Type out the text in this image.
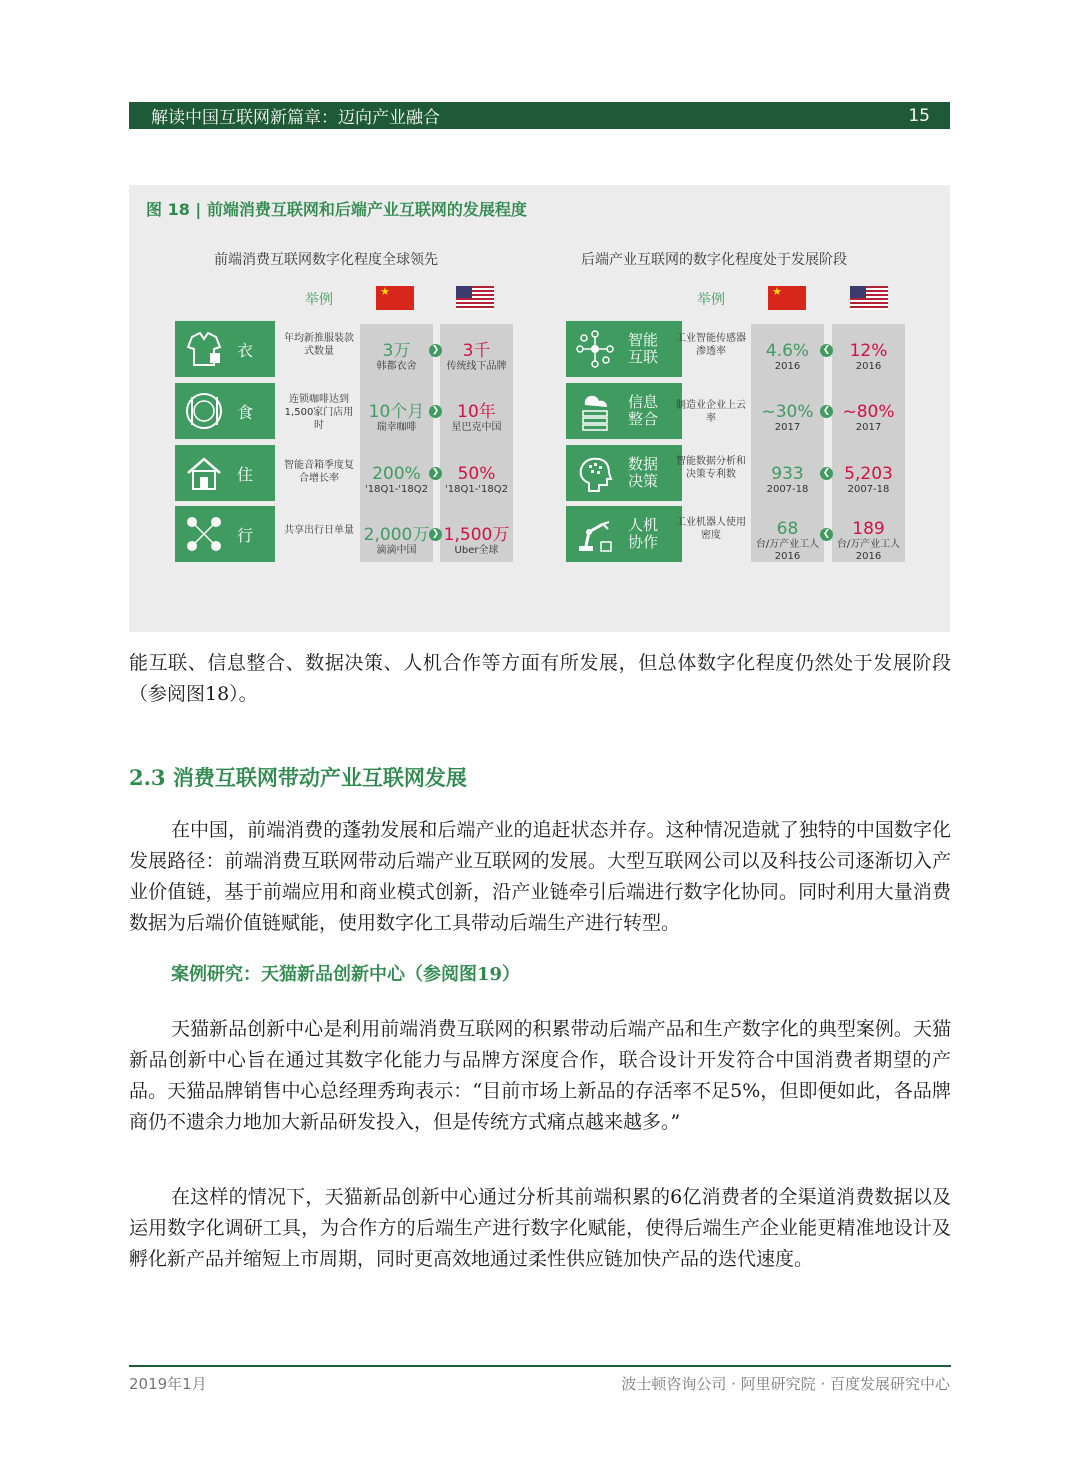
解读中国互联网新篇章：迈向产业融合	15
图 18 | 前端消费互联网和后端产业互联网的发展程度
前端消费互联网数字化程度全球领先
举例
★
衣
食
住
行
年均新推服装款式数量
连锁咖啡达到1,500家门店用时
智能音箱季度复合增长率
共享出行日单量
3万
韩都衣舍
10个月
瑞幸咖啡
200%
'18Q1-'18Q2
2,000万
滴滴中国
3千
传统线下品牌
10年
星巴克中国
50%
'18Q1-'18Q2
1,500万
Uber全球
❯
❯
❯
❯
后端产业互联网的数字化程度处于发展阶段
举例
★
智能互联
信息整合
数据决策
人机协作
工业智能传感器渗透率
制造业企业上云率
智能数据分析和决策专利数
工业机器人使用密度
4.6%
2016
~30%
2017
933
2007-18
68
台/万产业工人
2016
12%
2016
~80%
2017
5,203
2007-18
189
台/万产业工人
2016
❮
❮
❮
❮
能互联、信息整合、数据决策、人机合作等方面有所发展，但总体数字化程度仍然处于发展阶段（参阅图18）。
2.3 消费互联网带动产业互联网发展
在中国，前端消费的蓬勃发展和后端产业的追赶状态并存。这种情况造就了独特的中国数字化发展路径：前端消费互联网带动后端产业互联网的发展。大型互联网公司以及科技公司逐渐切入产业价值链，基于前端应用和商业模式创新，沿产业链牵引后端进行数字化协同。同时利用大量消费数据为后端价值链赋能，使用数字化工具带动后端生产进行转型。
案例研究：天猫新品创新中心（参阅图19）
天猫新品创新中心是利用前端消费互联网的积累带动后端产品和生产数字化的典型案例。天猫新品创新中心旨在通过其数字化能力与品牌方深度合作，联合设计开发符合中国消费者期望的产品。天猫品牌销售中心总经理秀珣表示：“目前市场上新品的存活率不足5%，但即便如此，各品牌商仍不遗余力地加大新品研发投入，但是传统方式痛点越来越多。”
在这样的情况下，天猫新品创新中心通过分析其前端积累的6亿消费者的全渠道消费数据以及运用数字化调研工具，为合作方的后端生产进行数字化赋能，使得后端生产企业能更精准地设计及孵化新产品并缩短上市周期，同时更高效地通过柔性供应链加快产品的迭代速度。
2019年1月	波士顿咨询公司 · 阿里研究院 · 百度发展研究中心
